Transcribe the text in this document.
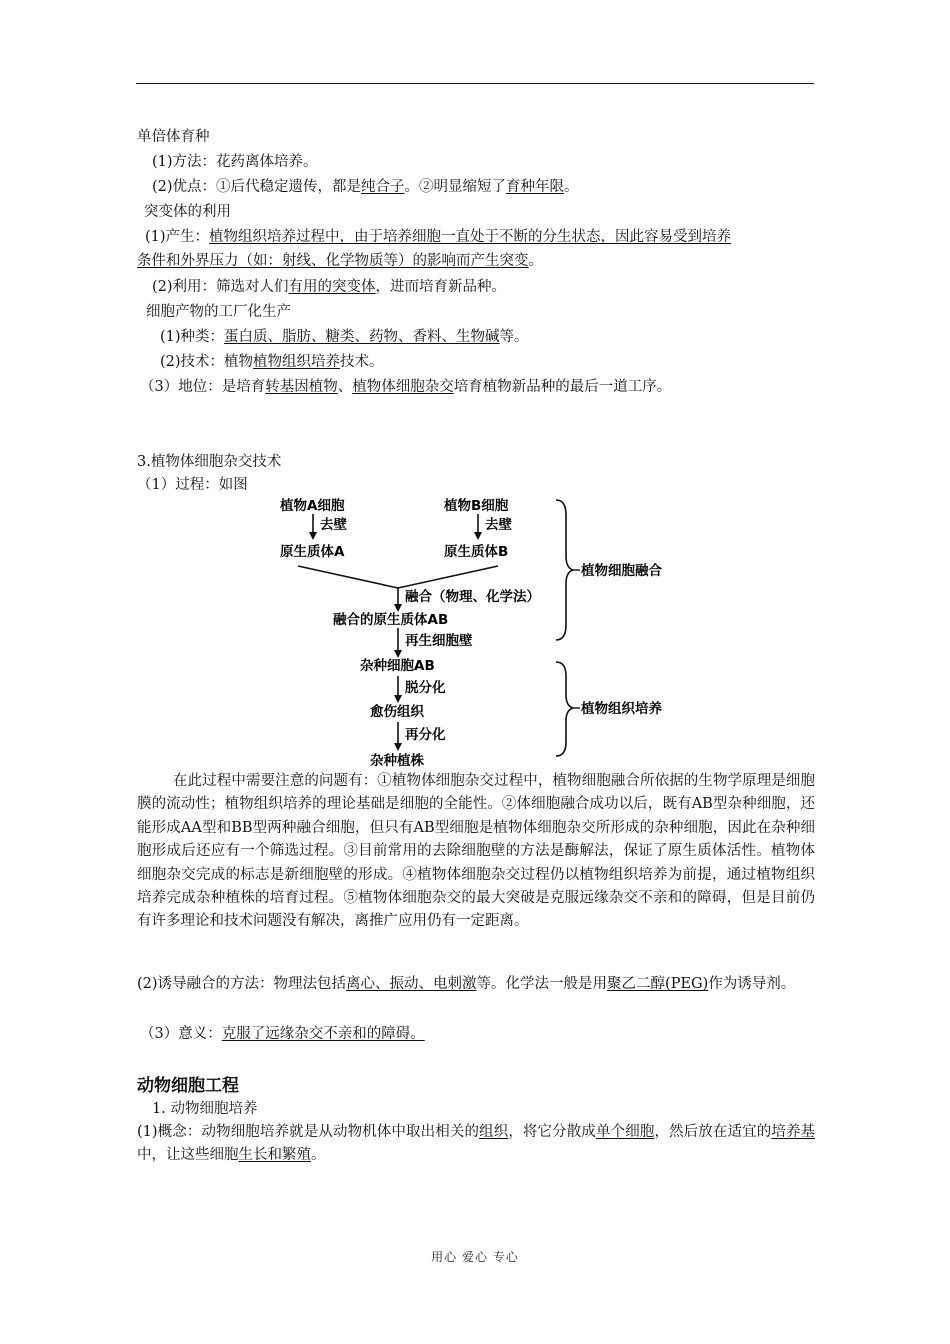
单倍体育种
(1)方法：花药离体培养。
(2)优点：①后代稳定遗传，都是纯合子。②明显缩短了育种年限。
突变体的利用
(1)产生：植物组织培养过程中，由于培养细胞一直处于不断的分生状态，因此容易受到培养
条件和外界压力（如：射线、化学物质等）的影响而产生突变。
(2)利用：筛选对人们有用的突变体，进而培育新品种。
细胞产物的工厂化生产
(1)种类：蛋白质、脂肪、糖类、药物、香料、生物碱等。
(2)技术：植物植物组织培养技术。
（3）地位：是培育转基因植物、植物体细胞杂交培育植物新品种的最后一道工序。
3.植物体细胞杂交技术
（1）过程：如图
植物A细胞	植物B细胞
去壁	去壁
原生质体A	原生质体B
融合（物理、化学法）
融合的原生质体AB
再生细胞壁
杂种细胞AB
脱分化
愈伤组织
再分化
杂种植株
植物细胞融合
植物组织培养
在此过程中需要注意的问题有：①植物体细胞杂交过程中，植物细胞融合所依据的生物学原理是细胞膜的流动性；植物组织培养的理论基础是细胞的全能性。②体细胞融合成功以后，既有AB型杂种细胞，还能形成AA型和BB型两种融合细胞，但只有AB型细胞是植物体细胞杂交所形成的杂种细胞，因此在杂种细胞形成后还应有一个筛选过程。③目前常用的去除细胞壁的方法是酶解法，保证了原生质体活性。植物体细胞杂交完成的标志是新细胞壁的形成。④植物体细胞杂交过程仍以植物组织培养为前提，通过植物组织培养完成杂种植株的培育过程。⑤植物体细胞杂交的最大突破是克服远缘杂交不亲和的障碍，但是目前仍有许多理论和技术问题没有解决，离推广应用仍有一定距离。
(2)诱导融合的方法：物理法包括离心、振动、电刺激等。化学法一般是用聚乙二醇(PEG)作为诱导剂。
（3）意义：克服了远缘杂交不亲和的障碍。
动物细胞工程
1. 动物细胞培养
(1)概念：动物细胞培养就是从动物机体中取出相关的组织，将它分散成单个细胞，然后放在适宜的培养基中，让这些细胞生长和繁殖。
用心 爱心 专心
